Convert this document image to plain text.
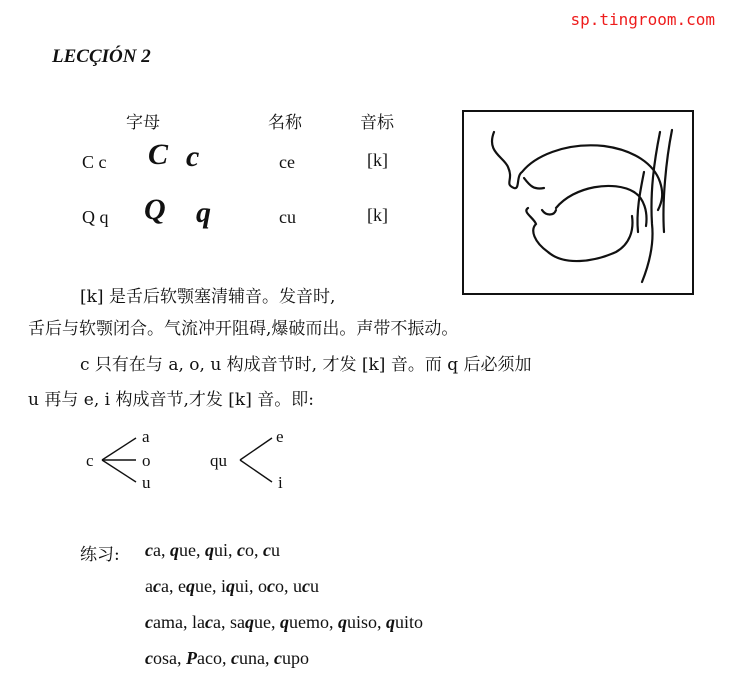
sp.tingroom.com
LECÇIÓN 2
字母	名称	音标
C c C c	ce	[k]
Q q Q q	cu	[k]
[k] 是舌后软颚塞清辅音。发音时,
舌后与软颚闭合。气流冲开阻碍,爆破而出。声带不振动。
c 只有在与 a, o, u 构成音节时, 才发 [k] 音。而 q 后必须加
u 再与 e, i 构成音节,才发 [k] 音。即:
c
a
o
u
qu
e
i
练习: ca, que, qui, co, cu
aca, eque, iqui, oco, ucu
cama, laca, saque, quemo, quiso, quito
cosa, Paco, cuna, cupo
